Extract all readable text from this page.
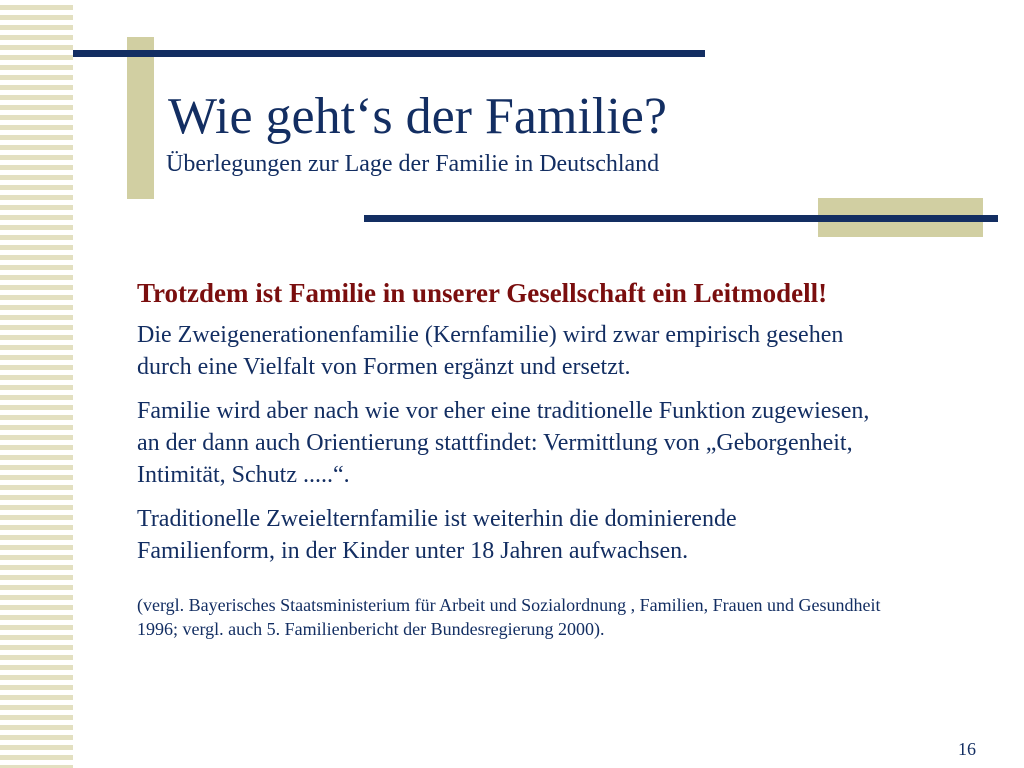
Wie geht‘s der Familie?

Überlegungen zur Lage der Familie in Deutschland

Trotzdem ist Familie in unserer Gesellschaft ein Leitmodell!

Die Zweigenerationenfamilie (Kernfamilie) wird zwar empirisch gesehen durch eine Vielfalt von Formen ergänzt und ersetzt.

Familie wird aber nach wie vor eher eine traditionelle Funktion zugewiesen, an der dann auch Orientierung stattfindet: Vermittlung von „Geborgenheit, Intimität, Schutz .....“.

Traditionelle Zweielternfamilie ist weiterhin die dominierende Familienform, in der Kinder unter 18 Jahren aufwachsen.

(vergl. Bayerisches Staatsministerium für Arbeit und Sozialordnung , Familien, Frauen und Gesundheit 1996; vergl. auch 5. Familienbericht der Bundesregierung 2000).

16
